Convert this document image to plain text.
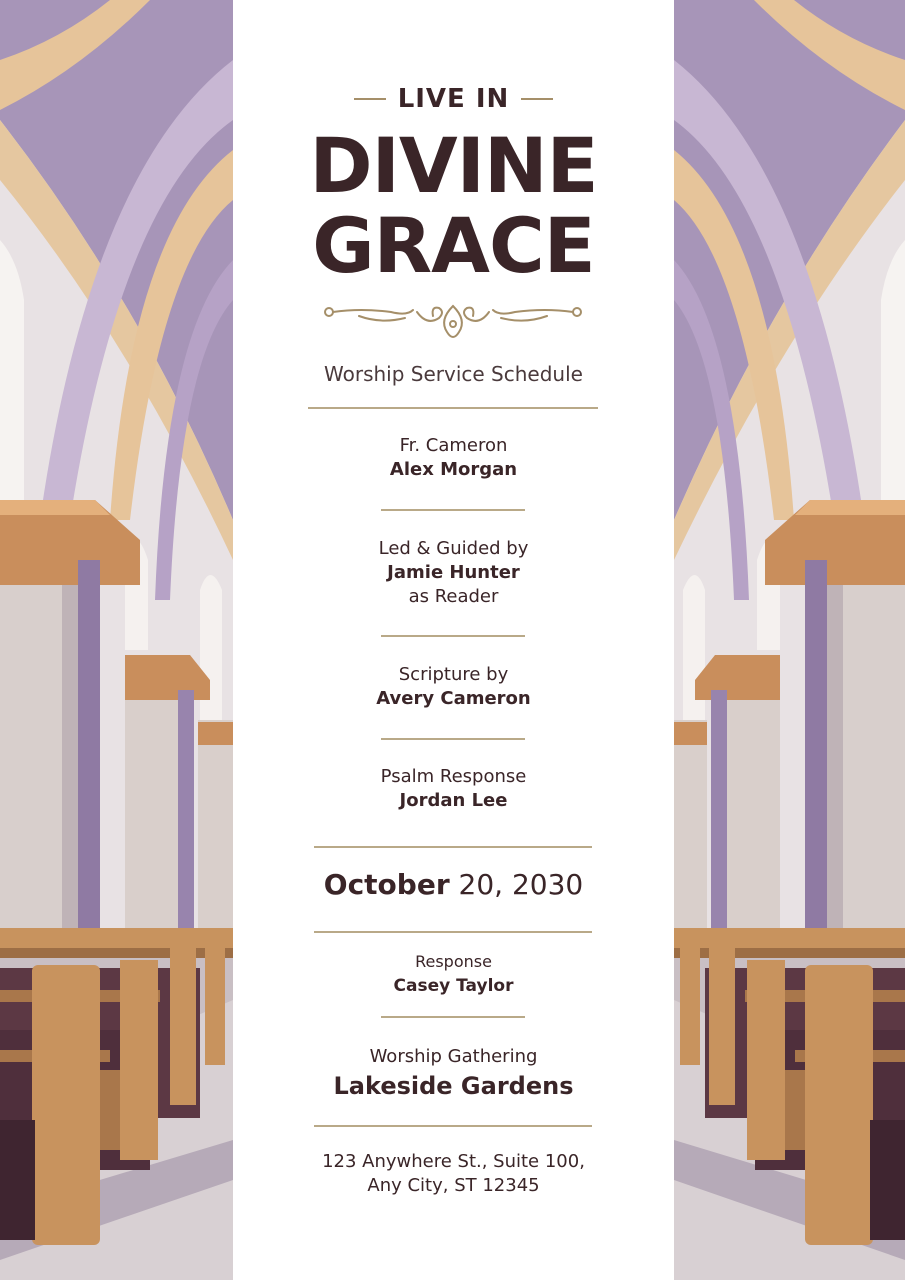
LIVE IN
DIVINE
GRACE
Worship Service Schedule
Fr. Cameron
Alex Morgan
Led & Guided by
Jamie Hunter
as Reader
Scripture by
Avery Cameron
Psalm Response
Jordan Lee
October 20, 2030
Response
Casey Taylor
Worship Gathering
Lakeside Gardens
123 Anywhere St., Suite 100,
Any City, ST 12345
